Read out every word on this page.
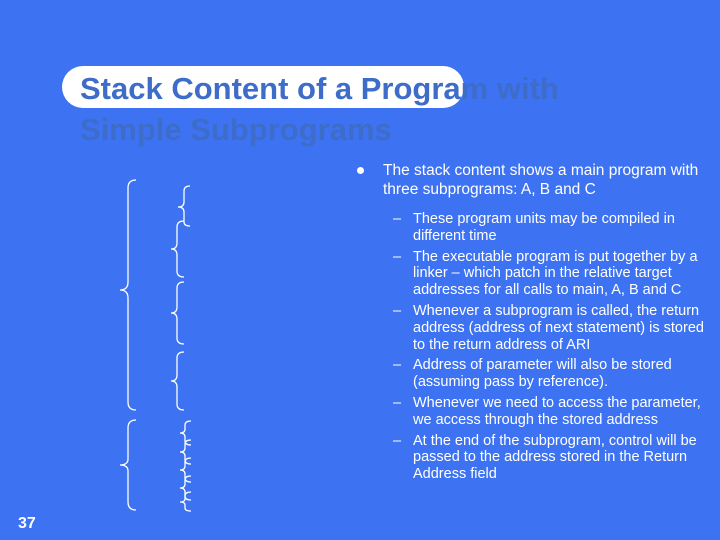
Stack Content of a Program with
Simple Subprograms
The stack content shows a main program with three subprograms: A, B and C
– These program units may be compiled in different time
– The executable program is put together by a linker – which patch in the relative target addresses for all calls to main, A, B and C
– Whenever a subprogram is called, the return address (address of next statement) is stored to the return address of ARI
– Address of parameter will also be stored (assuming pass by reference).
– Whenever we need to access the parameter, we access through the stored address
– At the end of the subprogram, control will be passed to the address stored in the Return Address field
37
